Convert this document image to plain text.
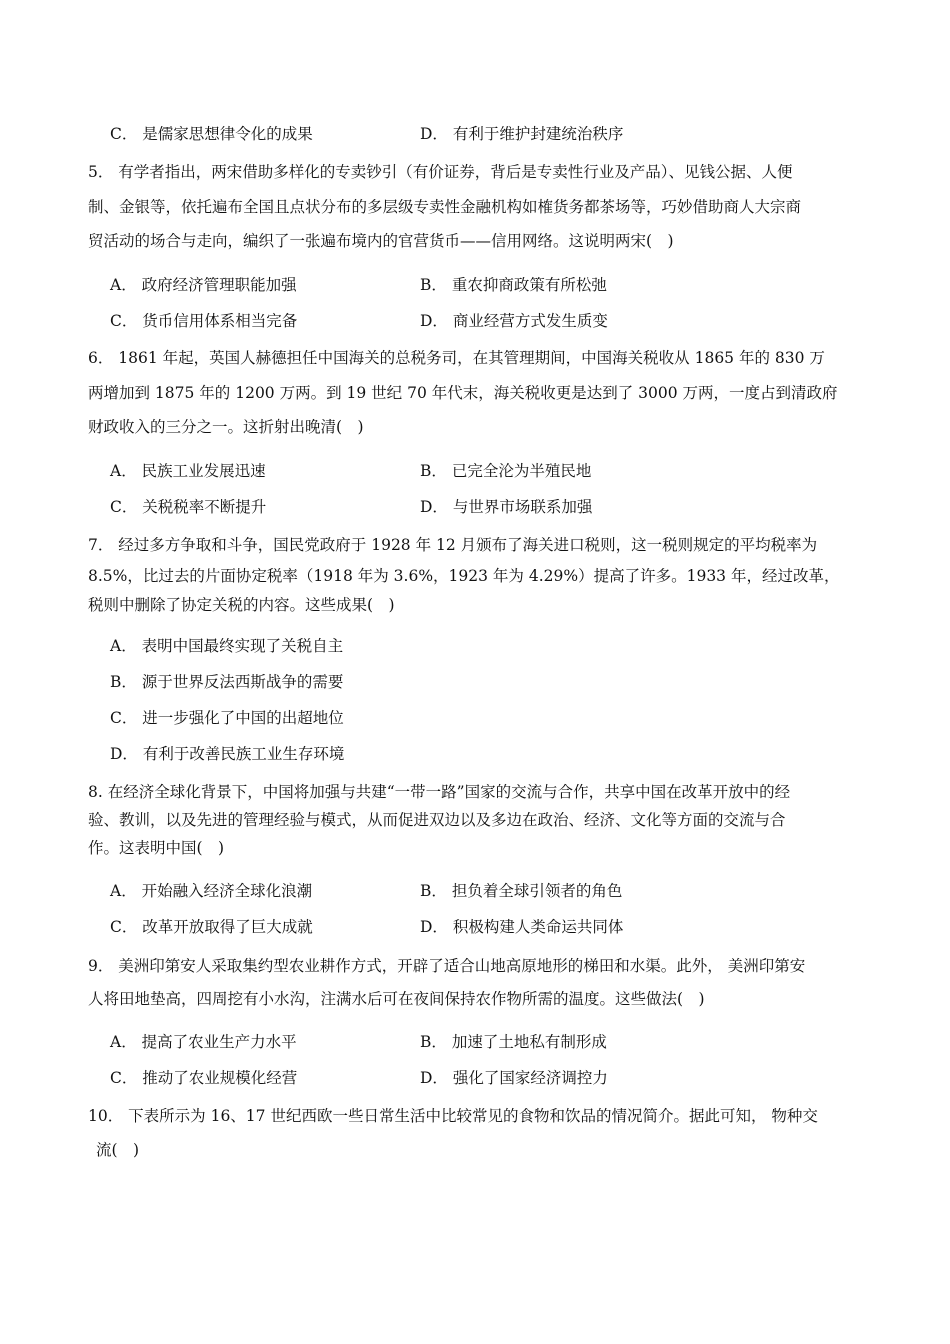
C． 是儒家思想律令化的成果	D． 有利于维护封建统治秩序
5． 有学者指出，两宋借助多样化的专卖钞引（有价证券，背后是专卖性行业及产品）、见钱公据、人便
制、金银等，依托遍布全国且点状分布的多层级专卖性金融机构如榷货务都茶场等，巧妙借助商人大宗商
贸活动的场合与走向，编织了一张遍布境内的官营货币——信用网络。这说明两宋(　)
A． 政府经济管理职能加强	B． 重农抑商政策有所松弛
C． 货币信用体系相当完备	D． 商业经营方式发生质变
6． 1861 年起，英国人赫德担任中国海关的总税务司，在其管理期间，中国海关税收从 1865 年的 830 万
两增加到 1875 年的 1200 万两。到 19 世纪 70 年代末，海关税收更是达到了 3000 万两，一度占到清政府
财政收入的三分之一。这折射出晚清(　)
A． 民族工业发展迅速	B． 已完全沦为半殖民地
C． 关税税率不断提升	D． 与世界市场联系加强
7． 经过多方争取和斗争，国民党政府于 1928 年 12 月颁布了海关进口税则，这一税则规定的平均税率为
8.5%，比过去的片面协定税率（1918 年为 3.6%，1923 年为 4.29%）提高了许多。1933 年，经过改革，
税则中删除了协定关税的内容。这些成果(　)
A． 表明中国最终实现了关税自主
B． 源于世界反法西斯战争的需要
C． 进一步强化了中国的出超地位
D． 有利于改善民族工业生存环境
8. 在经济全球化背景下，中国将加强与共建“一带一路”国家的交流与合作，共享中国在改革开放中的经
验、教训，以及先进的管理经验与模式，从而促进双边以及多边在政治、经济、文化等方面的交流与合
作。这表明中国(　)
A． 开始融入经济全球化浪潮	B． 担负着全球引领者的角色
C． 改革开放取得了巨大成就	D． 积极构建人类命运共同体
9． 美洲印第安人采取集约型农业耕作方式，开辟了适合山地高原地形的梯田和水渠。此外， 美洲印第安
人将田地垫高，四周挖有小水沟，注满水后可在夜间保持农作物所需的温度。这些做法(　)
A． 提高了农业生产力水平	B． 加速了土地私有制形成
C． 推动了农业规模化经营	D． 强化了国家经济调控力
10． 下表所示为 16、17 世纪西欧一些日常生活中比较常见的食物和饮品的情况简介。据此可知， 物种交
流(　)
